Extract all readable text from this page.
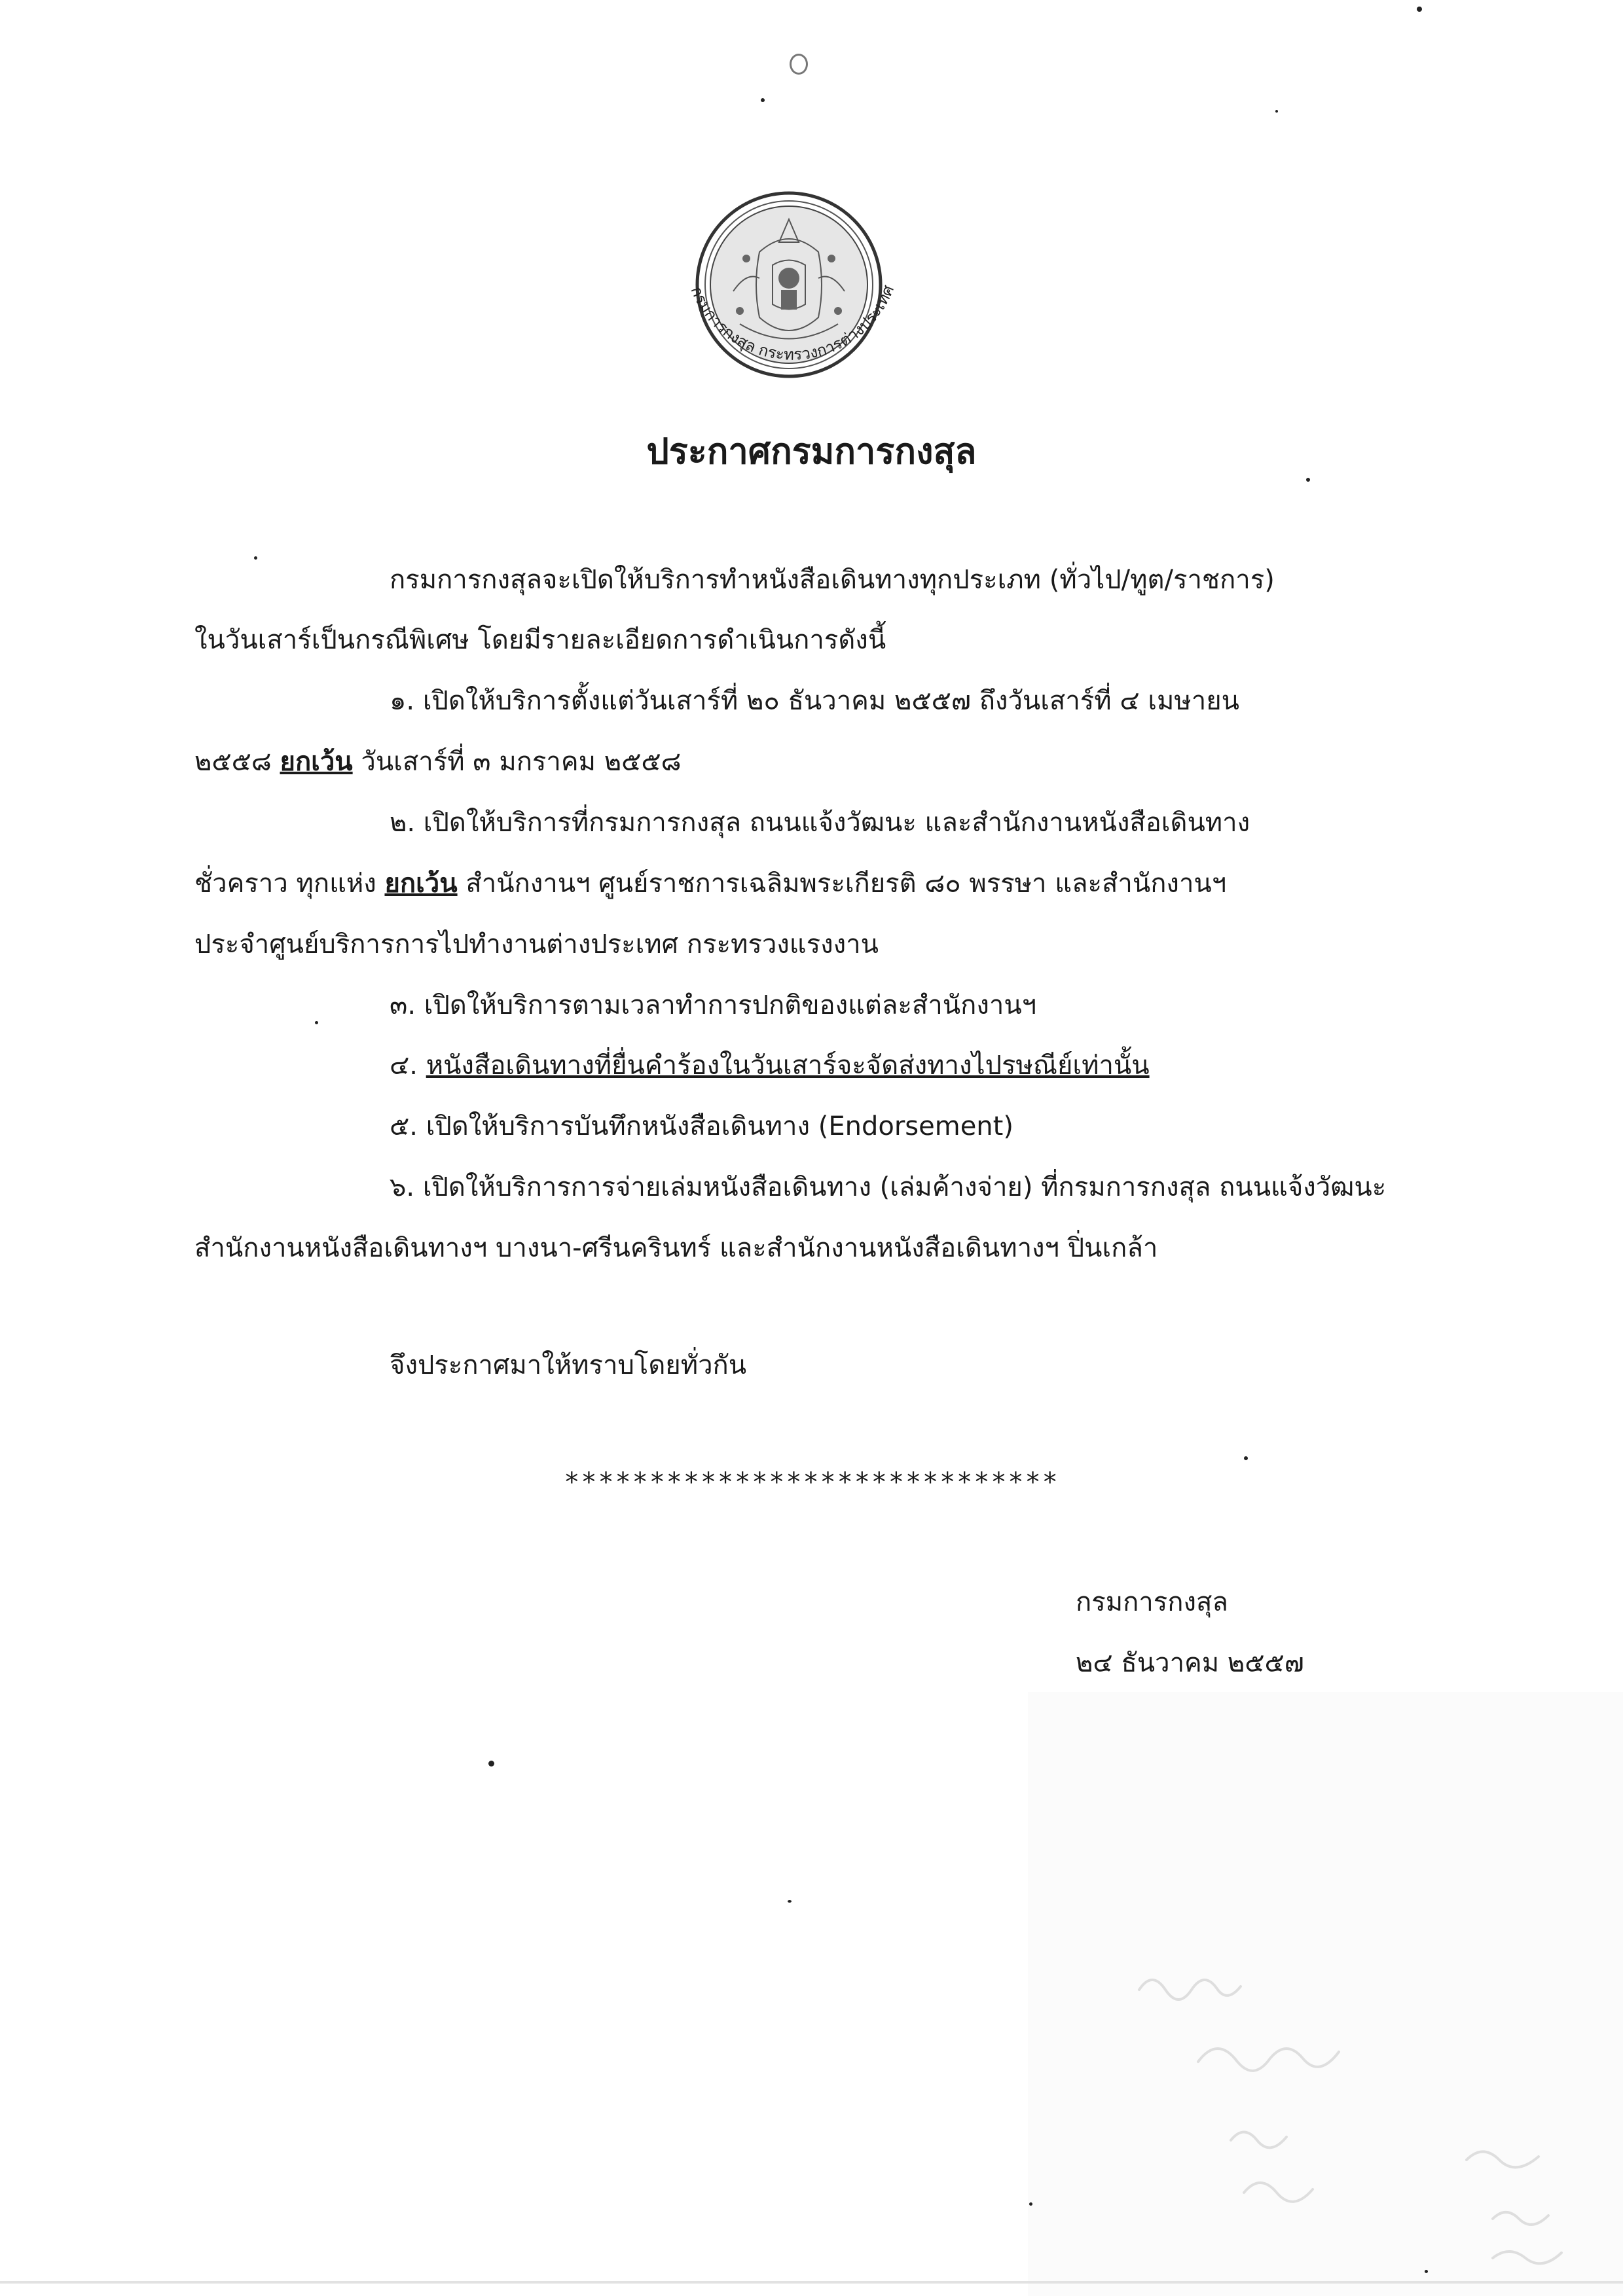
กรมการกงสุล กระทรวงการต่างประเทศ
ประกาศกรมการกงสุล
กรมการกงสุลจะเปิดให้บริการทำหนังสือเดินทางทุกประเภท (ทั่วไป/ทูต/ราชการ)
ในวันเสาร์เป็นกรณีพิเศษ โดยมีรายละเอียดการดำเนินการดังนี้
๑. เปิดให้บริการตั้งแต่วันเสาร์ที่ ๒๐ ธันวาคม ๒๕๕๗ ถึงวันเสาร์ที่ ๔ เมษายน
๒๕๕๘ ยกเว้น วันเสาร์ที่ ๓ มกราคม ๒๕๕๘
๒. เปิดให้บริการที่กรมการกงสุล ถนนแจ้งวัฒนะ และสำนักงานหนังสือเดินทาง
ชั่วคราว ทุกแห่ง ยกเว้น สำนักงานฯ ศูนย์ราชการเฉลิมพระเกียรติ ๘๐ พรรษา และสำนักงานฯ
ประจำศูนย์บริการการไปทำงานต่างประเทศ กระทรวงแรงงาน
๓. เปิดให้บริการตามเวลาทำการปกติของแต่ละสำนักงานฯ
๔. หนังสือเดินทางที่ยื่นคำร้องในวันเสาร์จะจัดส่งทางไปรษณีย์เท่านั้น
๕. เปิดให้บริการบันทึกหนังสือเดินทาง (Endorsement)
๖. เปิดให้บริการการจ่ายเล่มหนังสือเดินทาง (เล่มค้างจ่าย) ที่กรมการกงสุล ถนนแจ้งวัฒนะ
สำนักงานหนังสือเดินทางฯ บางนา-ศรีนครินทร์ และสำนักงานหนังสือเดินทางฯ ปิ่นเกล้า
จึงประกาศมาให้ทราบโดยทั่วกัน
*****************************
กรมการกงสุล
๒๔ ธันวาคม ๒๕๕๗
